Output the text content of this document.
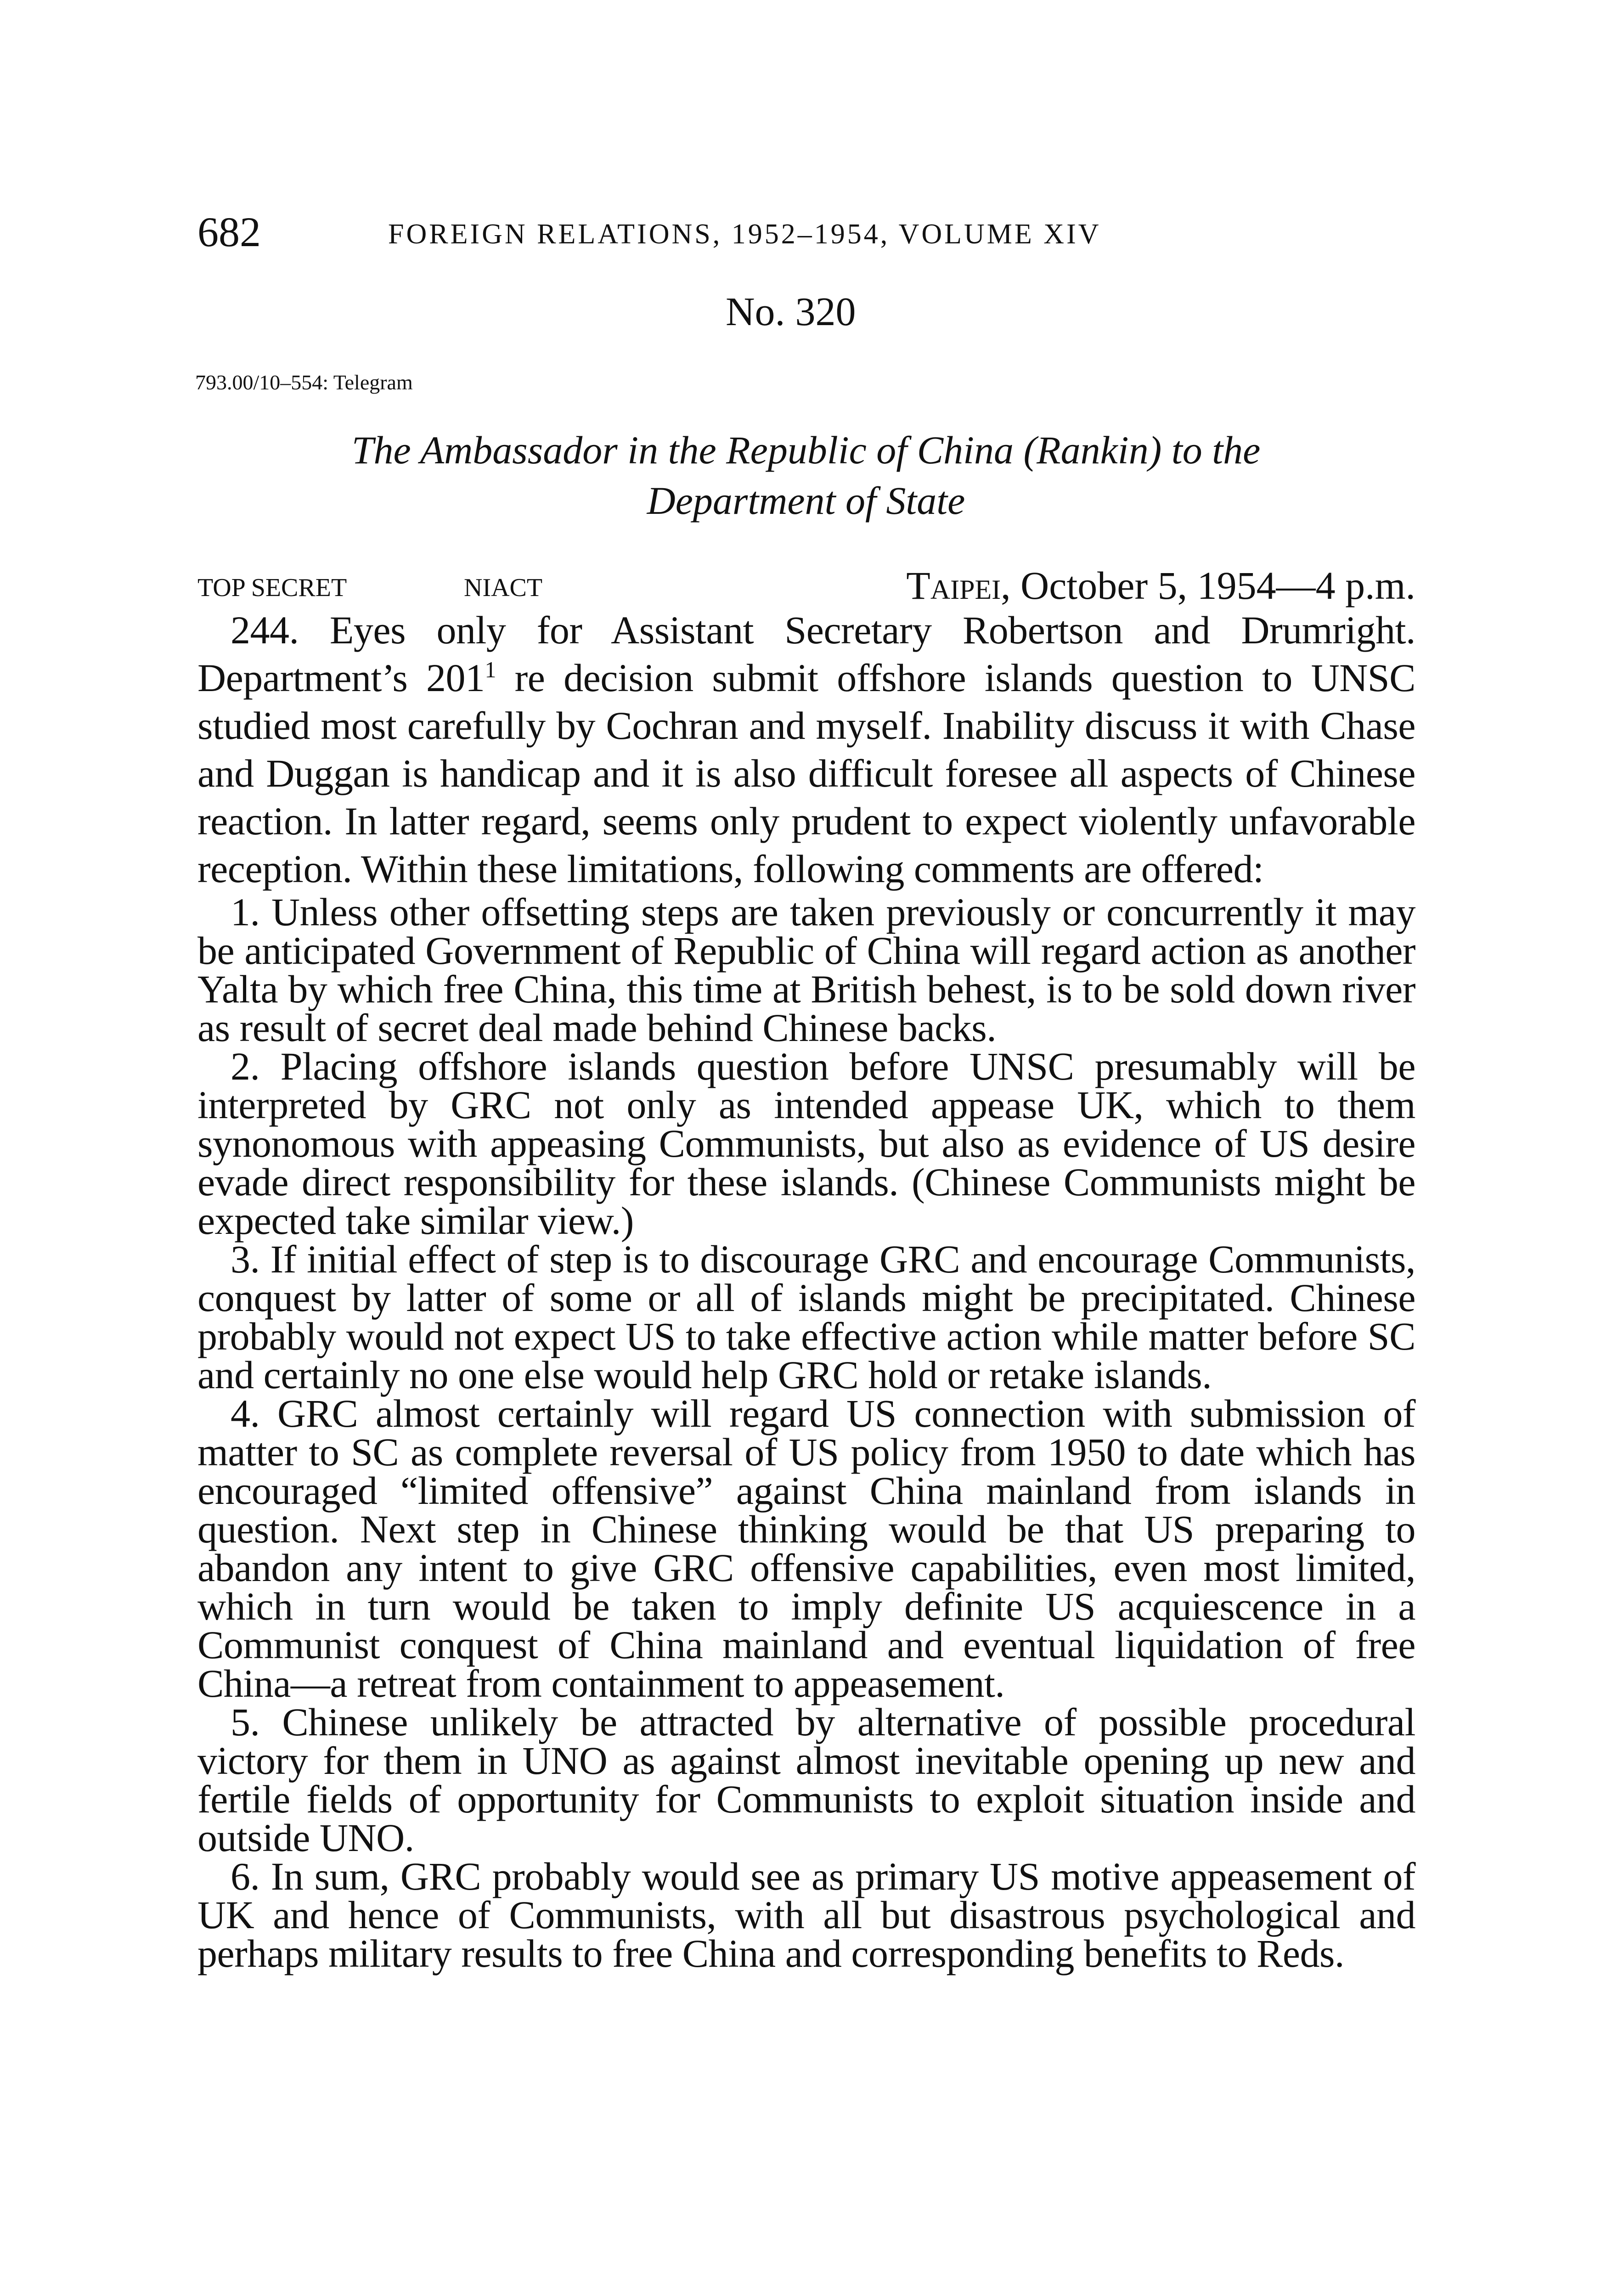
682	FOREIGN RELATIONS, 1952–1954, VOLUME XIV
No. 320
793.00/10–554: Telegram
The Ambassador in the Republic of China (Rankin) to the
Department of State
TOP SECRET	NIACT	Taipei, October 5, 1954—4 p.m.

244. Eyes only for Assistant Secretary Robertson and Drumright. Department’s $201^1$ re decision submit offshore islands question to UNSC studied most carefully by Cochran and myself. Inability discuss it with Chase and Duggan is handicap and it is also difficult foresee all aspects of Chinese reaction. In latter regard, seems only prudent to expect violently unfavorable reception. Within these limitations, following comments are offered:

1. Unless other offsetting steps are taken previously or concurrently it may be anticipated Government of Republic of China will regard action as another Yalta by which free China, this time at British behest, is to be sold down river as result of secret deal made behind Chinese backs.

2. Placing offshore islands question before UNSC presumably will be interpreted by GRC not only as intended appease UK, which to them synonomous with appeasing Communists, but also as evidence of US desire evade direct responsibility for these islands. (Chinese Communists might be expected take similar view.)

3. If initial effect of step is to discourage GRC and encourage Communists, conquest by latter of some or all of islands might be precipitated. Chinese probably would not expect US to take effective action while matter before SC and certainly no one else would help GRC hold or retake islands.

4. GRC almost certainly will regard US connection with submission of matter to SC as complete reversal of US policy from 1950 to date which has encouraged “limited offensive” against China mainland from islands in question. Next step in Chinese thinking would be that US preparing to abandon any intent to give GRC offensive capabilities, even most limited, which in turn would be taken to imply definite US acquiescence in a Communist conquest of China mainland and eventual liquidation of free China—a retreat from containment to appeasement.

5. Chinese unlikely be attracted by alternative of possible procedural victory for them in UNO as against almost inevitable opening up new and fertile fields of opportunity for Communists to exploit situation inside and outside UNO.

6. In sum, GRC probably would see as primary US motive appeasement of UK and hence of Communists, with all but disastrous psychological and perhaps military results to free China and corresponding benefits to Reds.
